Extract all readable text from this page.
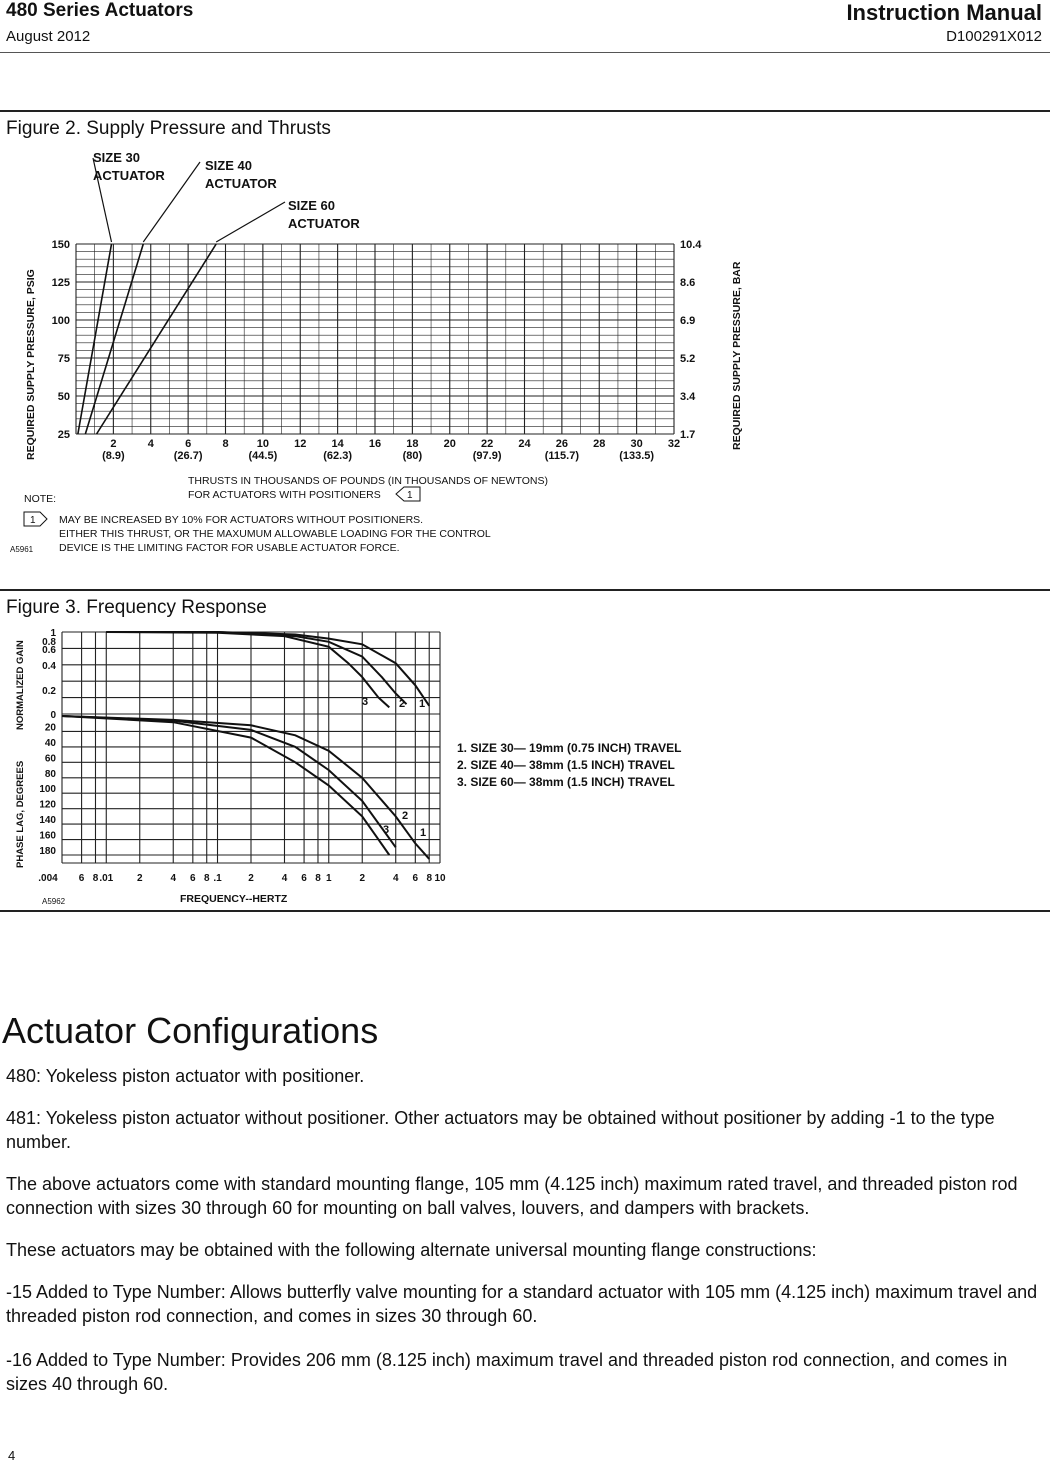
480 Series Actuators
August 2012
Instruction Manual
D100291X012
Figure 2. Supply Pressure and Thrusts
150
125
100
75
50
25
10.4
8.6
6.9
5.2
3.4
1.7
2	4	6	8	10 12 14 16 18 20 22 24 26 28 30 32
(8.9)	(26.7)	(44.5)	(62.3)	(80)	(97.9)	(115.7)	(133.5)
SIZE 30
ACTUATOR
SIZE 40
ACTUATOR
SIZE 60
ACTUATOR
REQUIRED SUPPLY PRESSURE, PSIG	REQUIRED SUPPLY PRESSURE, BAR
THRUSTS IN THOUSANDS OF POUNDS (IN THOUSANDS OF NEWTONS)
FOR ACTUATORS WITH POSITIONERS	1
NOTE:
1 MAY BE INCREASED BY 10% FOR ACTUATORS WITHOUT POSITIONERS.
EITHER THIS THRUST, OR THE MAXUMUM ALLOWABLE LOADING FOR THE CONTROL
DEVICE IS THE LIMITING FACTOR FOR USABLE ACTUATOR FORCE.
A5961
Figure 3. Frequency Response
1
0.8
0.6
0.4
0.2
0
20
40
60
80
100
120
140
160
180
.004 6 8 .01 2	4 6 8 .1	2	4 6 8 1	2	4 6 8 10
1
2
3
1
2
3
NORMALIZED GAIN
PHASE LAG, DEGREES
FREQUENCY--HERTZ
A5962
1. SIZE 30— 19mm (0.75 INCH) TRAVEL
2. SIZE 40— 38mm (1.5 INCH) TRAVEL
3. SIZE 60— 38mm (1.5 INCH) TRAVEL
Actuator Configurations
480: Yokeless piston actuator with positioner.
481: Yokeless piston actuator without positioner. Other actuators may be obtained without positioner by adding -1 to the type number.
The above actuators come with standard mounting flange, 105 mm (4.125 inch) maximum rated travel, and threaded piston rod connection with sizes 30 through 60 for mounting on ball valves, louvers, and dampers with brackets.
These actuators may be obtained with the following alternate universal mounting flange constructions:
-15 Added to Type Number: Allows butterfly valve mounting for a standard actuator with 105 mm (4.125 inch) maximum travel and threaded piston rod connection, and comes in sizes 30 through 60.
-16 Added to Type Number: Provides 206 mm (8.125 inch) maximum travel and threaded piston rod connection, and comes in sizes 40 through 60.
4
